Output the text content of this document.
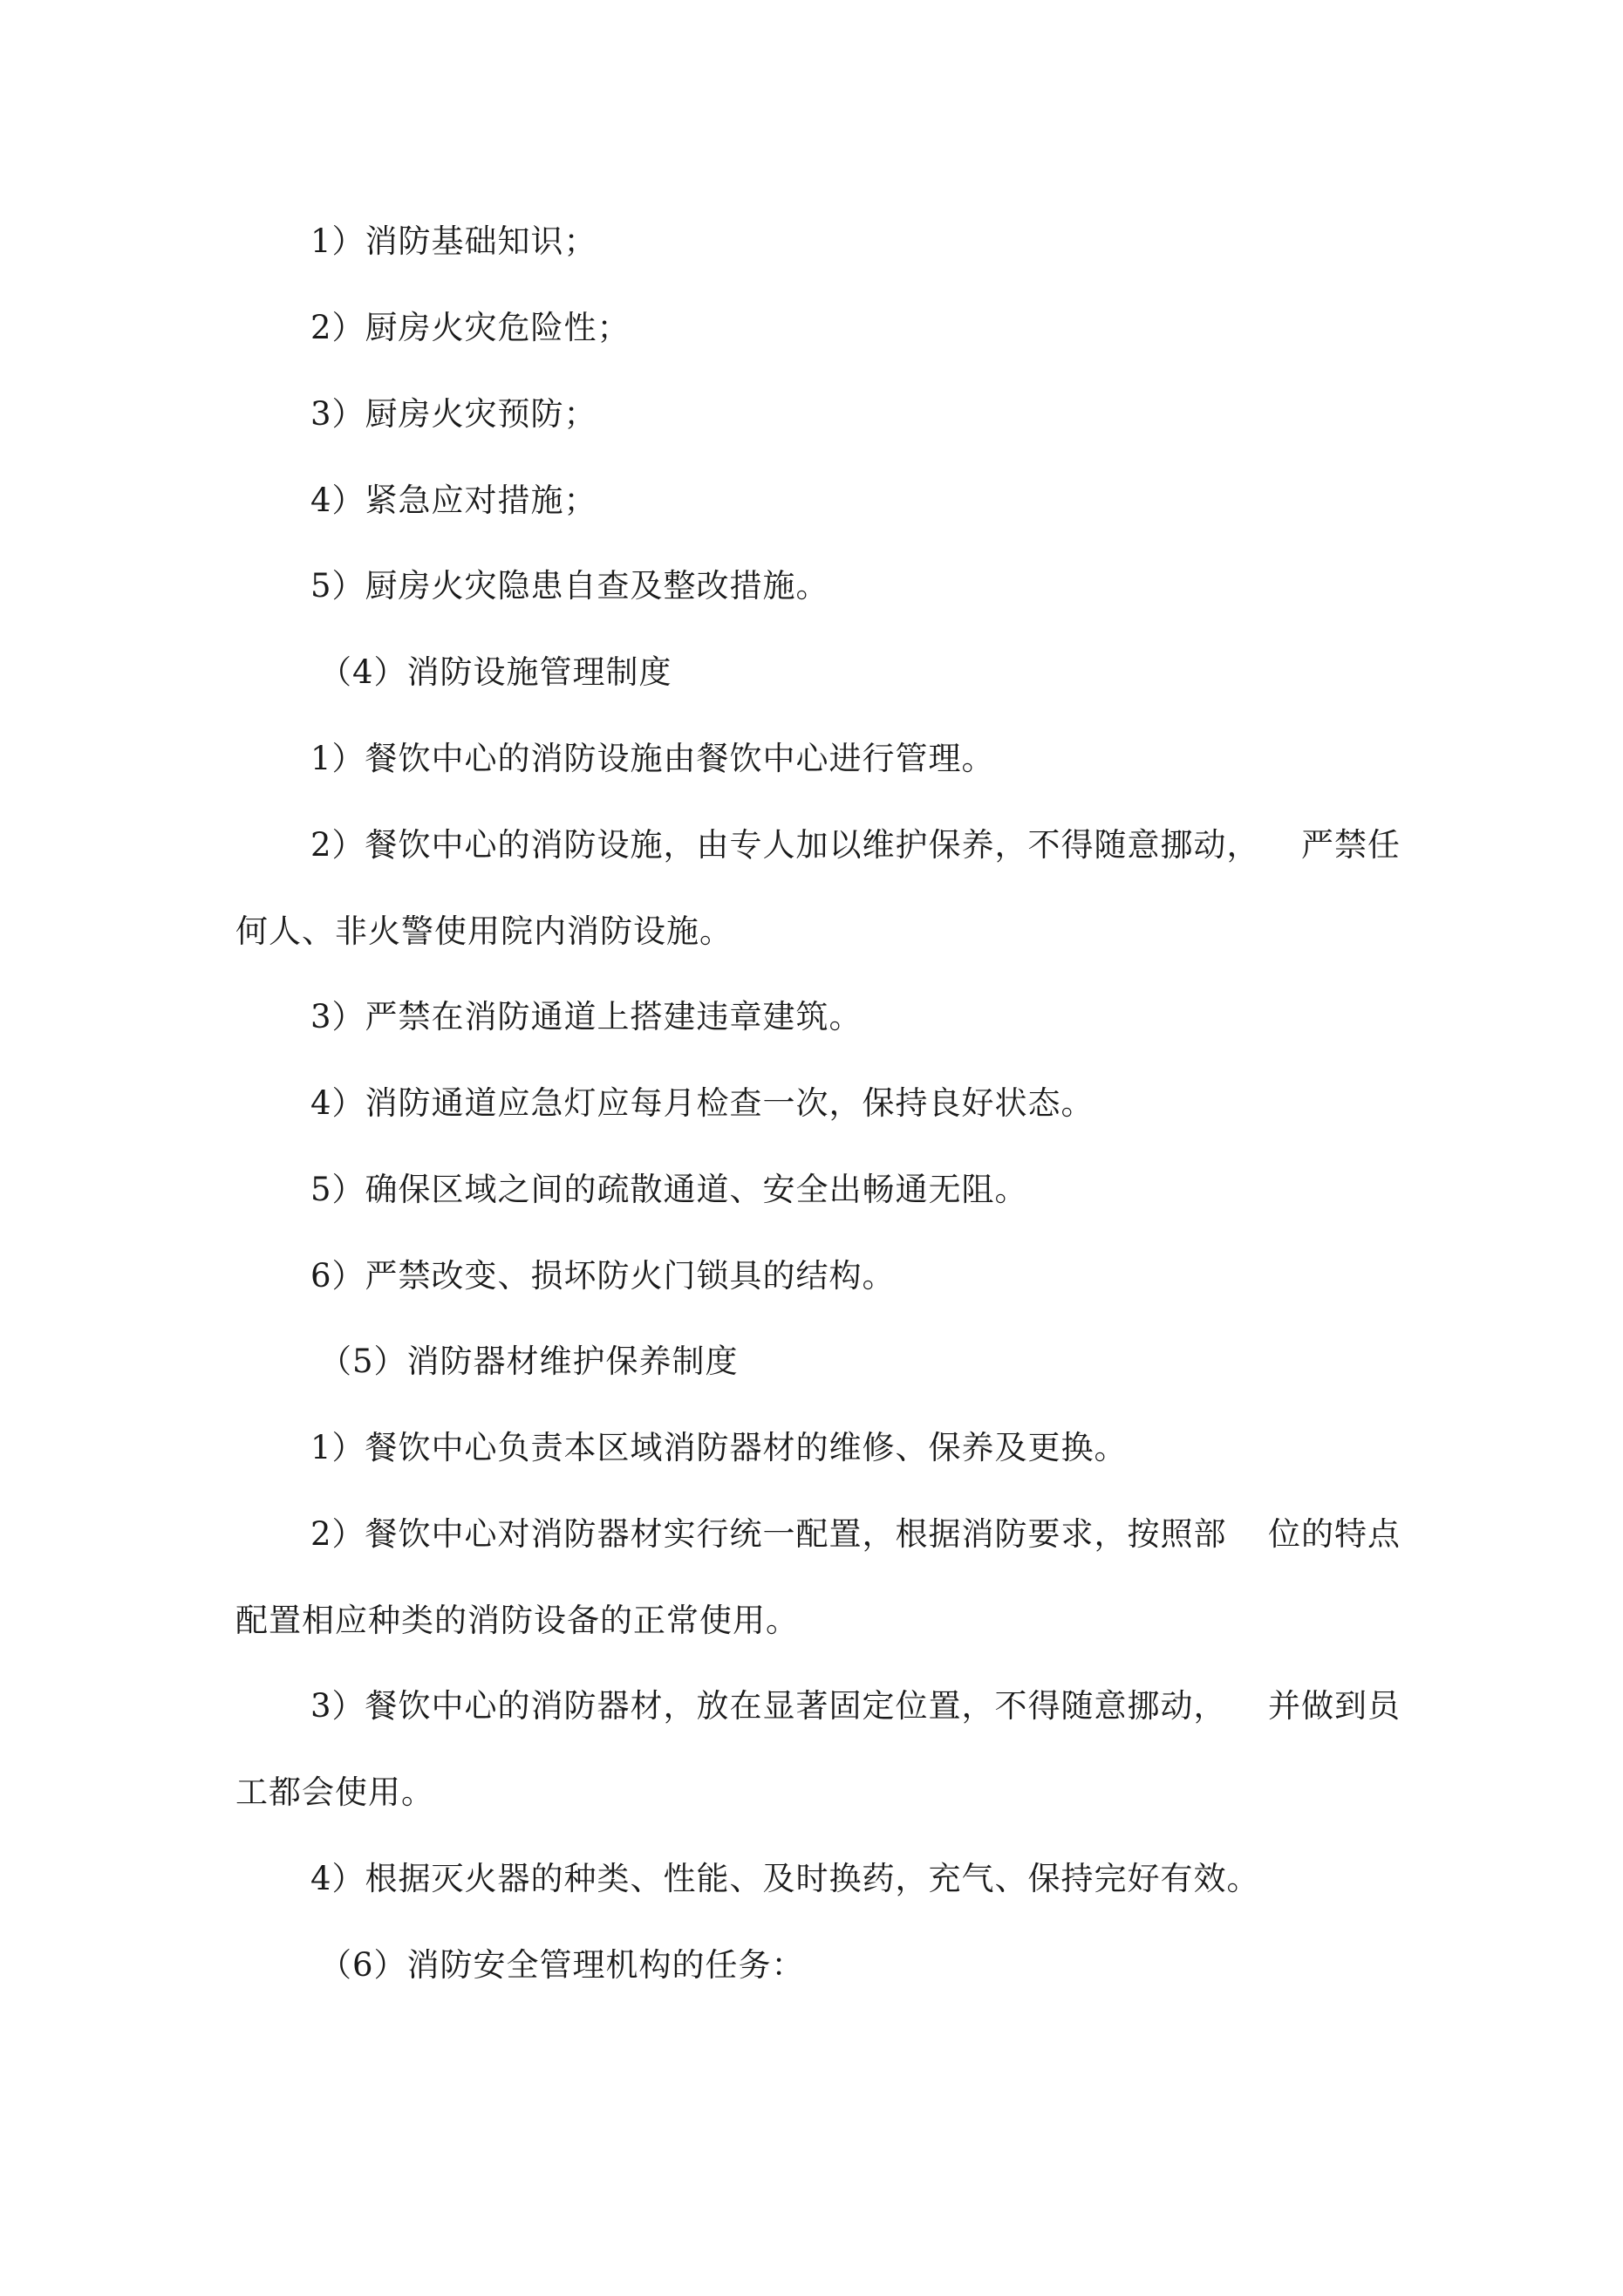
1）消防基础知识；
2）厨房火灾危险性；
3）厨房火灾预防；
4）紧急应对措施；
5）厨房火灾隐患自查及整改措施。
（4）消防设施管理制度
1）餐饮中心的消防设施由餐饮中心进行管理。
2）餐饮中心的消防设施，由专人加以维护保养，不得随意挪动， 严禁任
何人、非火警使用院内消防设施。
3）严禁在消防通道上搭建违章建筑。
4）消防通道应急灯应每月检查一次，保持良好状态。
5）确保区域之间的疏散通道、安全出畅通无阻。
6）严禁改变、损坏防火门锁具的结构。
（5）消防器材维护保养制度
1）餐饮中心负责本区域消防器材的维修、保养及更换。
2）餐饮中心对消防器材实行统一配置，根据消防要求，按照部 位的特点
配置相应种类的消防设备的正常使用。
3）餐饮中心的消防器材，放在显著固定位置，不得随意挪动， 并做到员
工都会使用。
4）根据灭火器的种类、性能、及时换药，充气、保持完好有效。
（6）消防安全管理机构的任务：
